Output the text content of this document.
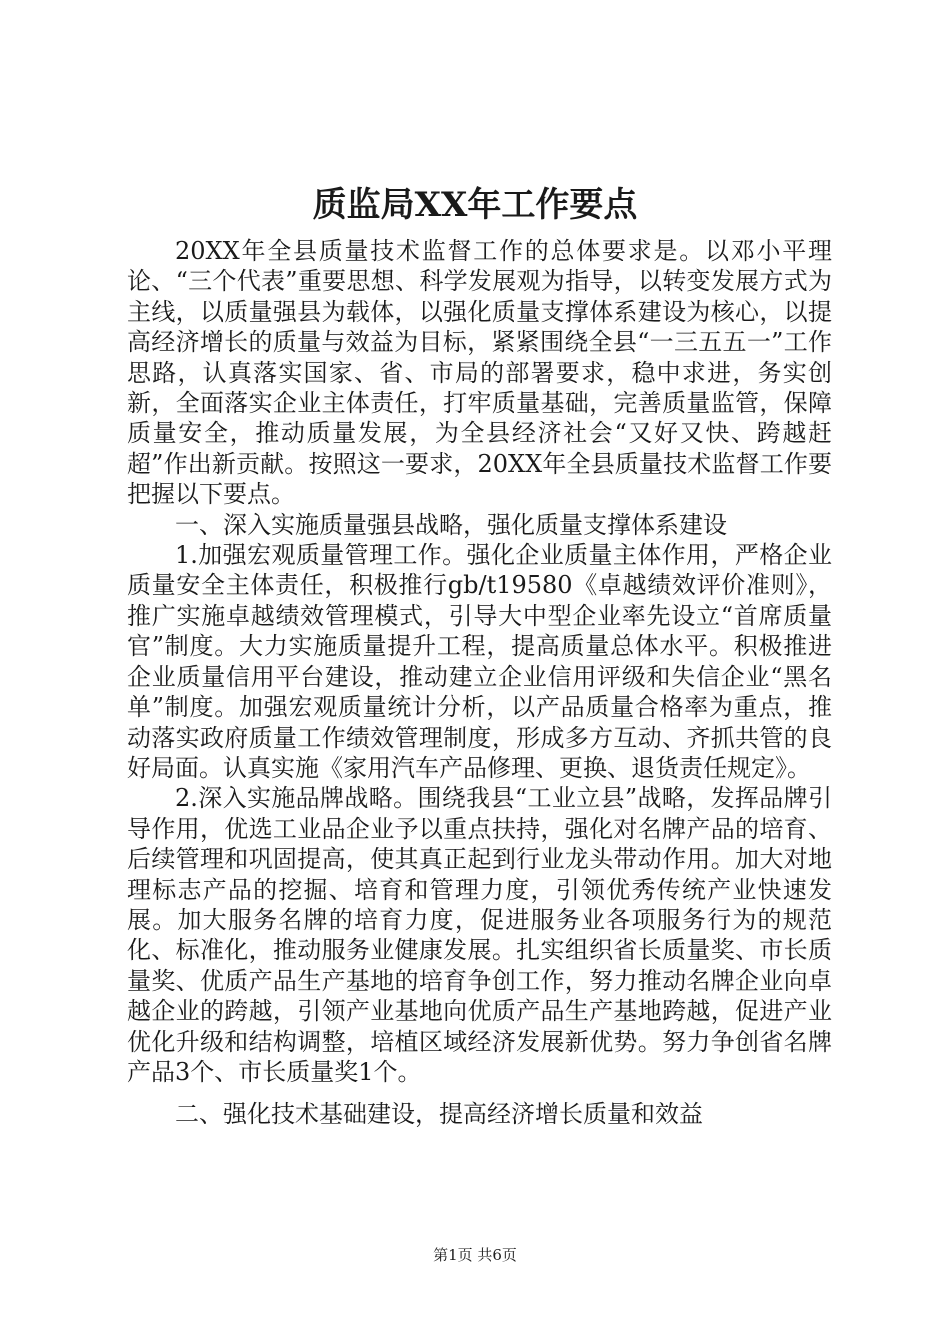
质监局XX年工作要点

20XX年全县质量技术监督工作的总体要求是。以邓小平理论、“三个代表”重要思想、科学发展观为指导，以转变发展方式为主线，以质量强县为载体，以强化质量支撑体系建设为核心，以提高经济增长的质量与效益为目标，紧紧围绕全县“一三五五一”工作思路，认真落实国家、省、市局的部署要求，稳中求进，务实创新，全面落实企业主体责任，打牢质量基础，完善质量监管，保障质量安全，推动质量发展，为全县经济社会“又好又快、跨越赶超”作出新贡献。按照这一要求，20XX年全县质量技术监督工作要把握以下要点。

一、深入实施质量强县战略，强化质量支撑体系建设

1.加强宏观质量管理工作。强化企业质量主体作用，严格企业质量安全主体责任，积极推行gb/t19580《卓越绩效评价准则》，推广实施卓越绩效管理模式，引导大中型企业率先设立“首席质量官”制度。大力实施质量提升工程，提高质量总体水平。积极推进企业质量信用平台建设，推动建立企业信用评级和失信企业“黑名单”制度。加强宏观质量统计分析，以产品质量合格率为重点，推动落实政府质量工作绩效管理制度，形成多方互动、齐抓共管的良好局面。认真实施《家用汽车产品修理、更换、退货责任规定》。

2.深入实施品牌战略。围绕我县“工业立县”战略，发挥品牌引导作用，优选工业品企业予以重点扶持，强化对名牌产品的培育、后续管理和巩固提高，使其真正起到行业龙头带动作用。加大对地理标志产品的挖掘、培育和管理力度，引领优秀传统产业快速发展。加大服务名牌的培育力度，促进服务业各项服务行为的规范化、标准化，推动服务业健康发展。扎实组织省长质量奖、市长质量奖、优质产品生产基地的培育争创工作，努力推动名牌企业向卓越企业的跨越，引领产业基地向优质产品生产基地跨越，促进产业优化升级和结构调整，培植区域经济发展新优势。努力争创省名牌产品3个、市长质量奖1个。

二、强化技术基础建设，提高经济增长质量和效益

第1页 共6页
